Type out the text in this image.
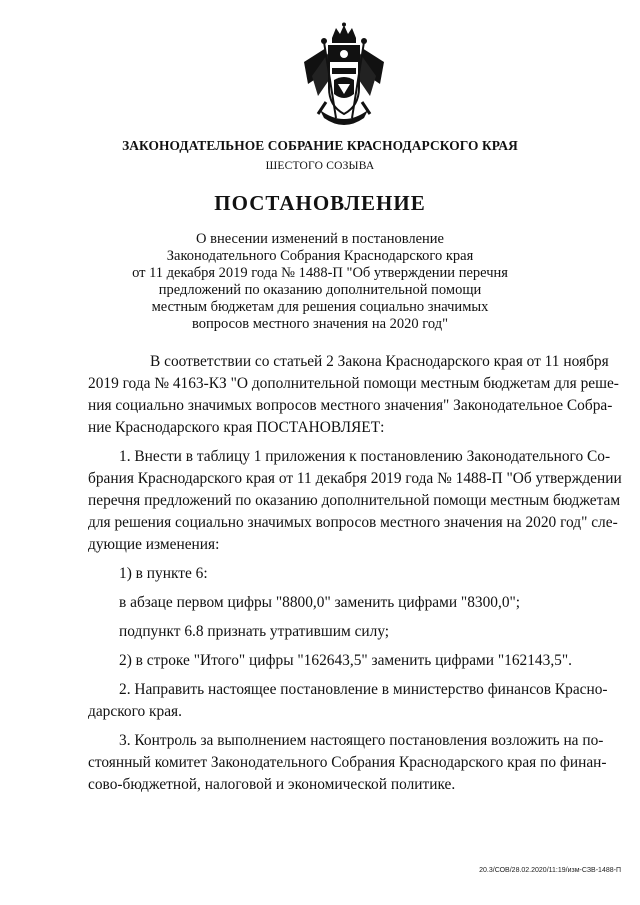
ЗАКОНОДАТЕЛЬНОЕ СОБРАНИЕ КРАСНОДАРСКОГО КРАЯ
ШЕСТОГО СОЗЫВА
ПОСТАНОВЛЕНИЕ
О внесении изменений в постановление
Законодательного Собрания Краснодарского края
от 11 декабря 2019 года № 1488-П "Об утверждении перечня
предложений по оказанию дополнительной помощи
местным бюджетам для решения социально значимых
вопросов местного значения на 2020 год"
В соответствии со статьей 2 Закона Краснодарского края от 11 ноября
2019 года № 4163-КЗ "О дополнительной помощи местным бюджетам для реше-
ния социально значимых вопросов местного значения" Законодательное Собра-
ние Краснодарского края ПОСТАНОВЛЯЕТ:
1. Внести в таблицу 1 приложения к постановлению Законодательного Со-
брания Краснодарского края от 11 декабря 2019 года № 1488-П "Об утверждении
перечня предложений по оказанию дополнительной помощи местным бюджетам
для решения социально значимых вопросов местного значения на 2020 год" сле-
дующие изменения:
1) в пункте 6:
в абзаце первом цифры "8800,0" заменить цифрами "8300,0";
подпункт 6.8 признать утратившим силу;
2) в строке "Итого" цифры "162643,5" заменить цифрами "162143,5".
2. Направить настоящее постановление в министерство финансов Красно-
дарского края.
3. Контроль за выполнением настоящего постановления возложить на по-
стоянный комитет Законодательного Собрания Краснодарского края по финан-
сово-бюджетной, налоговой и экономической политике.
20.3/СОВ/28.02.2020/11:19/изм-СЗВ-1488-П
